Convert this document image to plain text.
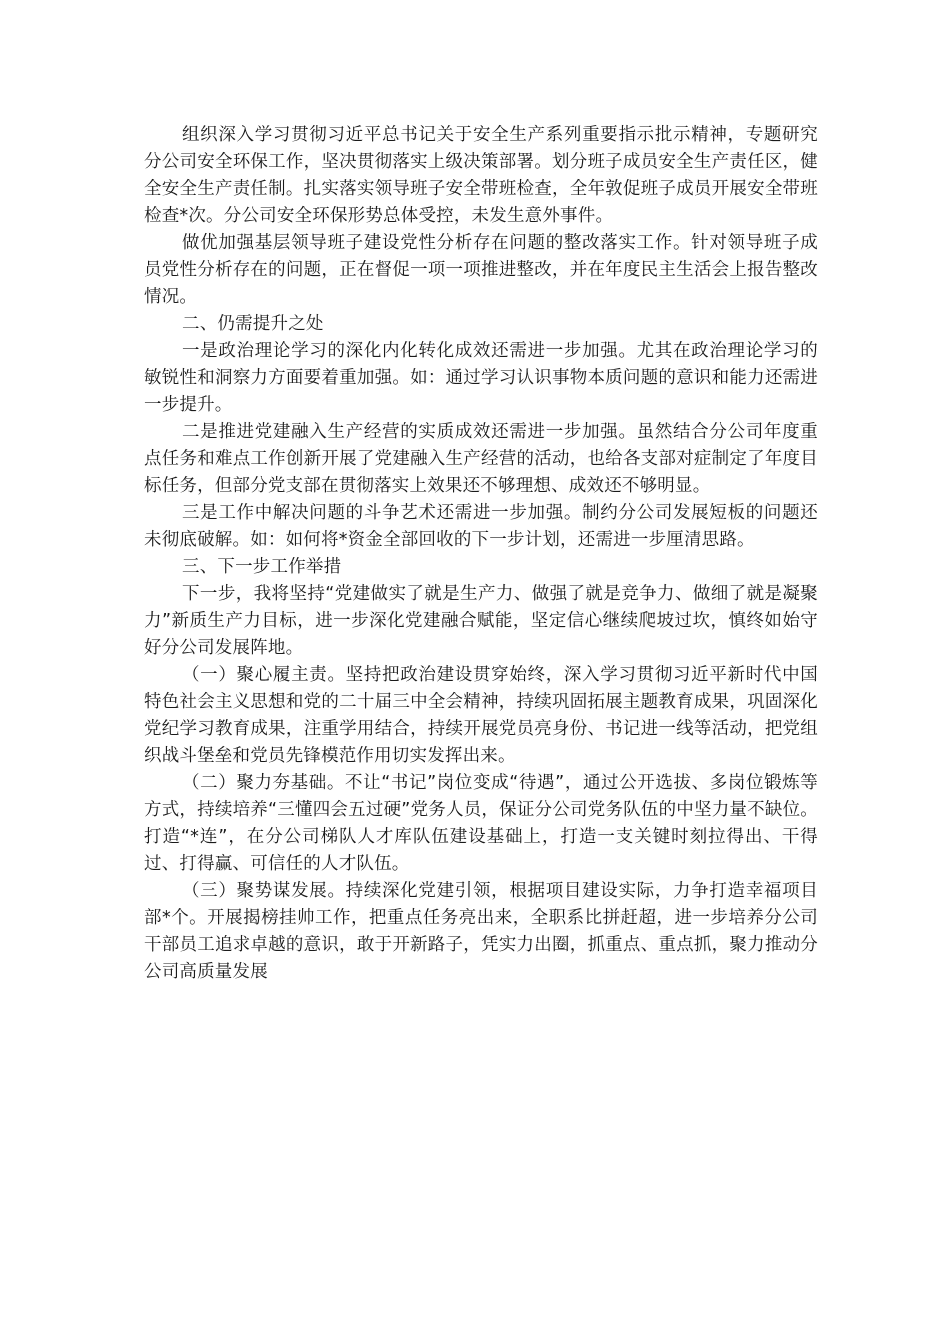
组织深入学习贯彻习近平总书记关于安全生产系列重要指示批示精神，专题研究分公司安全环保工作，坚决贯彻落实上级决策部署。划分班子成员安全生产责任区，健全安全生产责任制。扎实落实领导班子安全带班检查，全年敦促班子成员开展安全带班检查*次。分公司安全环保形势总体受控，未发生意外事件。

做优加强基层领导班子建设党性分析存在问题的整改落实工作。针对领导班子成员党性分析存在的问题，正在督促一项一项推进整改，并在年度民主生活会上报告整改情况。

二、仍需提升之处

一是政治理论学习的深化内化转化成效还需进一步加强。尤其在政治理论学习的敏锐性和洞察力方面要着重加强。如：通过学习认识事物本质问题的意识和能力还需进一步提升。

二是推进党建融入生产经营的实质成效还需进一步加强。虽然结合分公司年度重点任务和难点工作创新开展了党建融入生产经营的活动，也给各支部对症制定了年度目标任务，但部分党支部在贯彻落实上效果还不够理想、成效还不够明显。

三是工作中解决问题的斗争艺术还需进一步加强。制约分公司发展短板的问题还未彻底破解。如：如何将*资金全部回收的下一步计划，还需进一步厘清思路。

三、下一步工作举措

下一步，我将坚持“党建做实了就是生产力、做强了就是竞争力、做细了就是凝聚力”新质生产力目标，进一步深化党建融合赋能，坚定信心继续爬坡过坎，慎终如始守好分公司发展阵地。

（一）聚心履主责。坚持把政治建设贯穿始终，深入学习贯彻习近平新时代中国特色社会主义思想和党的二十届三中全会精神，持续巩固拓展主题教育成果，巩固深化党纪学习教育成果，注重学用结合，持续开展党员亮身份、书记进一线等活动，把党组织战斗堡垒和党员先锋模范作用切实发挥出来。

（二）聚力夯基础。不让“书记”岗位变成“待遇”，通过公开选拔、多岗位锻炼等方式，持续培养“三懂四会五过硬”党务人员，保证分公司党务队伍的中坚力量不缺位。打造“*连”，在分公司梯队人才库队伍建设基础上，打造一支关键时刻拉得出、干得过、打得赢、可信任的人才队伍。

（三）聚势谋发展。持续深化党建引领，根据项目建设实际，力争打造幸福项目部*个。开展揭榜挂帅工作，把重点任务亮出来，全职系比拼赶超，进一步培养分公司干部员工追求卓越的意识，敢于开新路子，凭实力出圈，抓重点、重点抓，聚力推动分公司高质量发展
